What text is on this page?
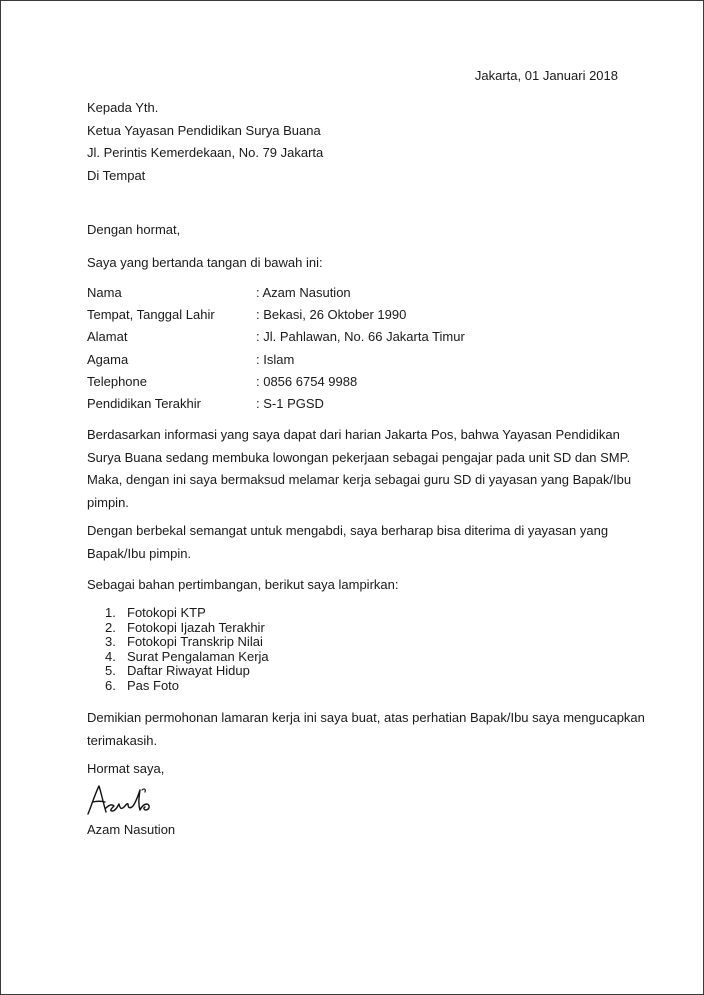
Jakarta, 01 Januari 2018
Kepada Yth.
Ketua Yayasan Pendidikan Surya Buana
Jl. Perintis Kemerdekaan, No. 79 Jakarta
Di Tempat
Dengan hormat,
Saya yang bertanda tangan di bawah ini:
Nama	: Azam Nasution
Tempat, Tanggal Lahir	: Bekasi, 26 Oktober 1990
Alamat	: Jl. Pahlawan, No. 66 Jakarta Timur
Agama	: Islam
Telephone	: 0856 6754 9988
Pendidikan Terakhir	: S-1 PGSD
Berdasarkan informasi yang saya dapat dari harian Jakarta Pos, bahwa Yayasan Pendidikan
Surya Buana sedang membuka lowongan pekerjaan sebagai pengajar pada unit SD dan SMP.
Maka, dengan ini saya bermaksud melamar kerja sebagai guru SD di yayasan yang Bapak/Ibu
pimpin.
Dengan berbekal semangat untuk mengabdi, saya berharap bisa diterima di yayasan yang
Bapak/Ibu pimpin.
Sebagai bahan pertimbangan, berikut saya lampirkan:
1. Fotokopi KTP
2. Fotokopi Ijazah Terakhir
3. Fotokopi Transkrip Nilai
4. Surat Pengalaman Kerja
5. Daftar Riwayat Hidup
6. Pas Foto
Demikian permohonan lamaran kerja ini saya buat, atas perhatian Bapak/Ibu saya mengucapkan
terimakasih.
Hormat saya,
Azam Nasution
